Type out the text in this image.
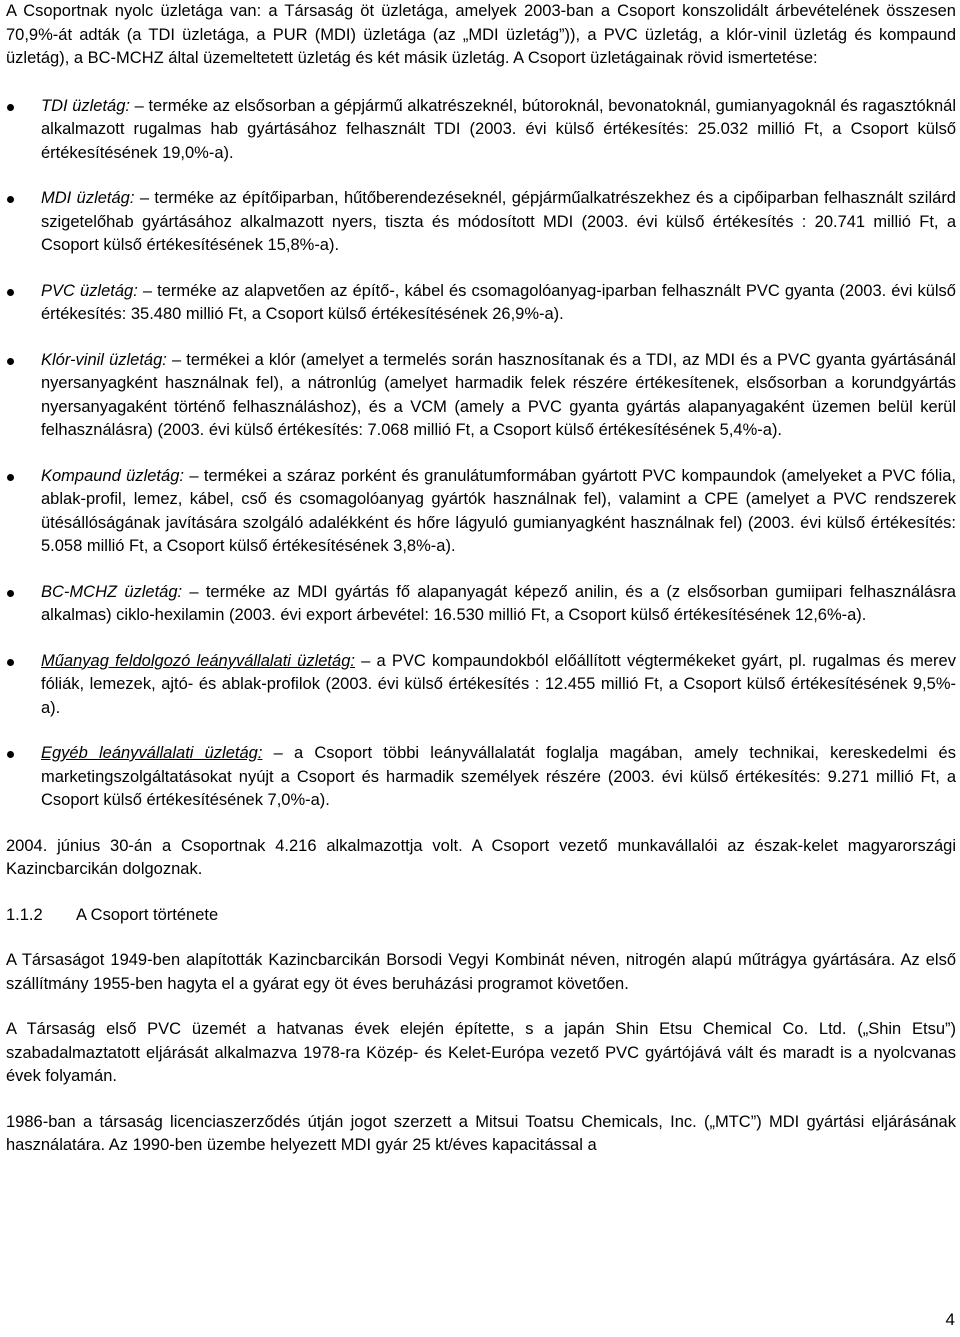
A Csoportnak nyolc üzletága van: a Társaság öt üzletága, amelyek 2003-ban a Csoport konszolidált árbevételének összesen 70,9%-át adták (a TDI üzletága, a PUR (MDI) üzletága (az „MDI üzletág”)), a PVC üzletág, a klór-vinil üzletág és kompaund üzletág), a BC-MCHZ által üzemeltetett üzletág és két másik üzletág. A Csoport üzletágainak rövid ismertetése:

TDI üzletág: – terméke az elsősorban a gépjármű alkatrészeknél, bútoroknál, bevonatoknál, gumianyagoknál és ragasztóknál alkalmazott rugalmas hab gyártásához felhasznált TDI (2003. évi külső értékesítés: 25.032 millió Ft, a Csoport külső értékesítésének 19,0%-a).
MDI üzletág: – terméke az építőiparban, hűtőberendezéseknél, gépjárműalkatrészekhez és a cipőiparban felhasznált szilárd szigetelőhab gyártásához alkalmazott nyers, tiszta és módosított MDI (2003. évi külső értékesítés : 20.741 millió Ft, a Csoport külső értékesítésének 15,8%-a).
PVC üzletág: – terméke az alapvetően az építő-, kábel és csomagolóanyag-iparban felhasznált PVC gyanta (2003. évi külső értékesítés: 35.480 millió Ft, a Csoport külső értékesítésének 26,9%-a).
Klór-vinil üzletág: – termékei a klór (amelyet a termelés során hasznosítanak és a TDI, az MDI és a PVC gyanta gyártásánál nyersanyagként használnak fel), a nátronlúg (amelyet harmadik felek részére értékesítenek, elsősorban a korundgyártás nyersanyagaként történő felhasználáshoz), és a VCM (amely a PVC gyanta gyártás alapanyagaként üzemen belül kerül felhasználásra) (2003. évi külső értékesítés: 7.068 millió Ft, a Csoport külső értékesítésének 5,4%-a).
Kompaund üzletág: – termékei a száraz porként és granulátumformában gyártott PVC kompaundok (amelyeket a PVC fólia, ablak-profil, lemez, kábel, cső és csomagolóanyag gyártók használnak fel), valamint a CPE (amelyet a PVC rendszerek ütésállóságának javítására szolgáló adalékként és hőre lágyuló gumianyagként használnak fel) (2003. évi külső értékesítés: 5.058 millió Ft, a Csoport külső értékesítésének 3,8%-a).
BC-MCHZ üzletág: – terméke az MDI gyártás fő alapanyagát képező anilin, és a (z elsősorban gumiipari felhasználásra alkalmas) ciklo-hexilamin (2003. évi export árbevétel: 16.530 millió Ft, a Csoport külső értékesítésének 12,6%-a).
Műanyag feldolgozó leányvállalati üzletág: – a PVC kompaundokból előállított végtermékeket gyárt, pl. rugalmas és merev fóliák, lemezek, ajtó- és ablak-profilok (2003. évi külső értékesítés : 12.455 millió Ft, a Csoport külső értékesítésének 9,5%-a).
Egyéb leányvállalati üzletág: – a Csoport többi leányvállalatát foglalja magában, amely technikai, kereskedelmi és marketingszolgáltatásokat nyújt a Csoport és harmadik személyek részére (2003. évi külső értékesítés: 9.271 millió Ft, a Csoport külső értékesítésének 7,0%-a).

2004. június 30-án a Csoportnak 4.216 alkalmazottja volt. A Csoport vezető munkavállalói az észak-kelet magyarországi Kazincbarcikán dolgoznak.

1.1.2 A Csoport története

A Társaságot 1949-ben alapították Kazincbarcikán Borsodi Vegyi Kombinát néven, nitrogén alapú műtrágya gyártására. Az első szállítmány 1955-ben hagyta el a gyárat egy öt éves beruházási programot követően.

A Társaság első PVC üzemét a hatvanas évek elején építette, s a japán Shin Etsu Chemical Co. Ltd. („Shin Etsu”) szabadalmaztatott eljárását alkalmazva 1978-ra Közép- és Kelet-Európa vezető PVC gyártójává vált és maradt is a nyolcvanas évek folyamán.

1986-ban a társaság licenciaszerződés útján jogot szerzett a Mitsui Toatsu Chemicals, Inc. („MTC”) MDI gyártási eljárásának használatára. Az 1990-ben üzembe helyezett MDI gyár 25 kt/éves kapacitással a

4
